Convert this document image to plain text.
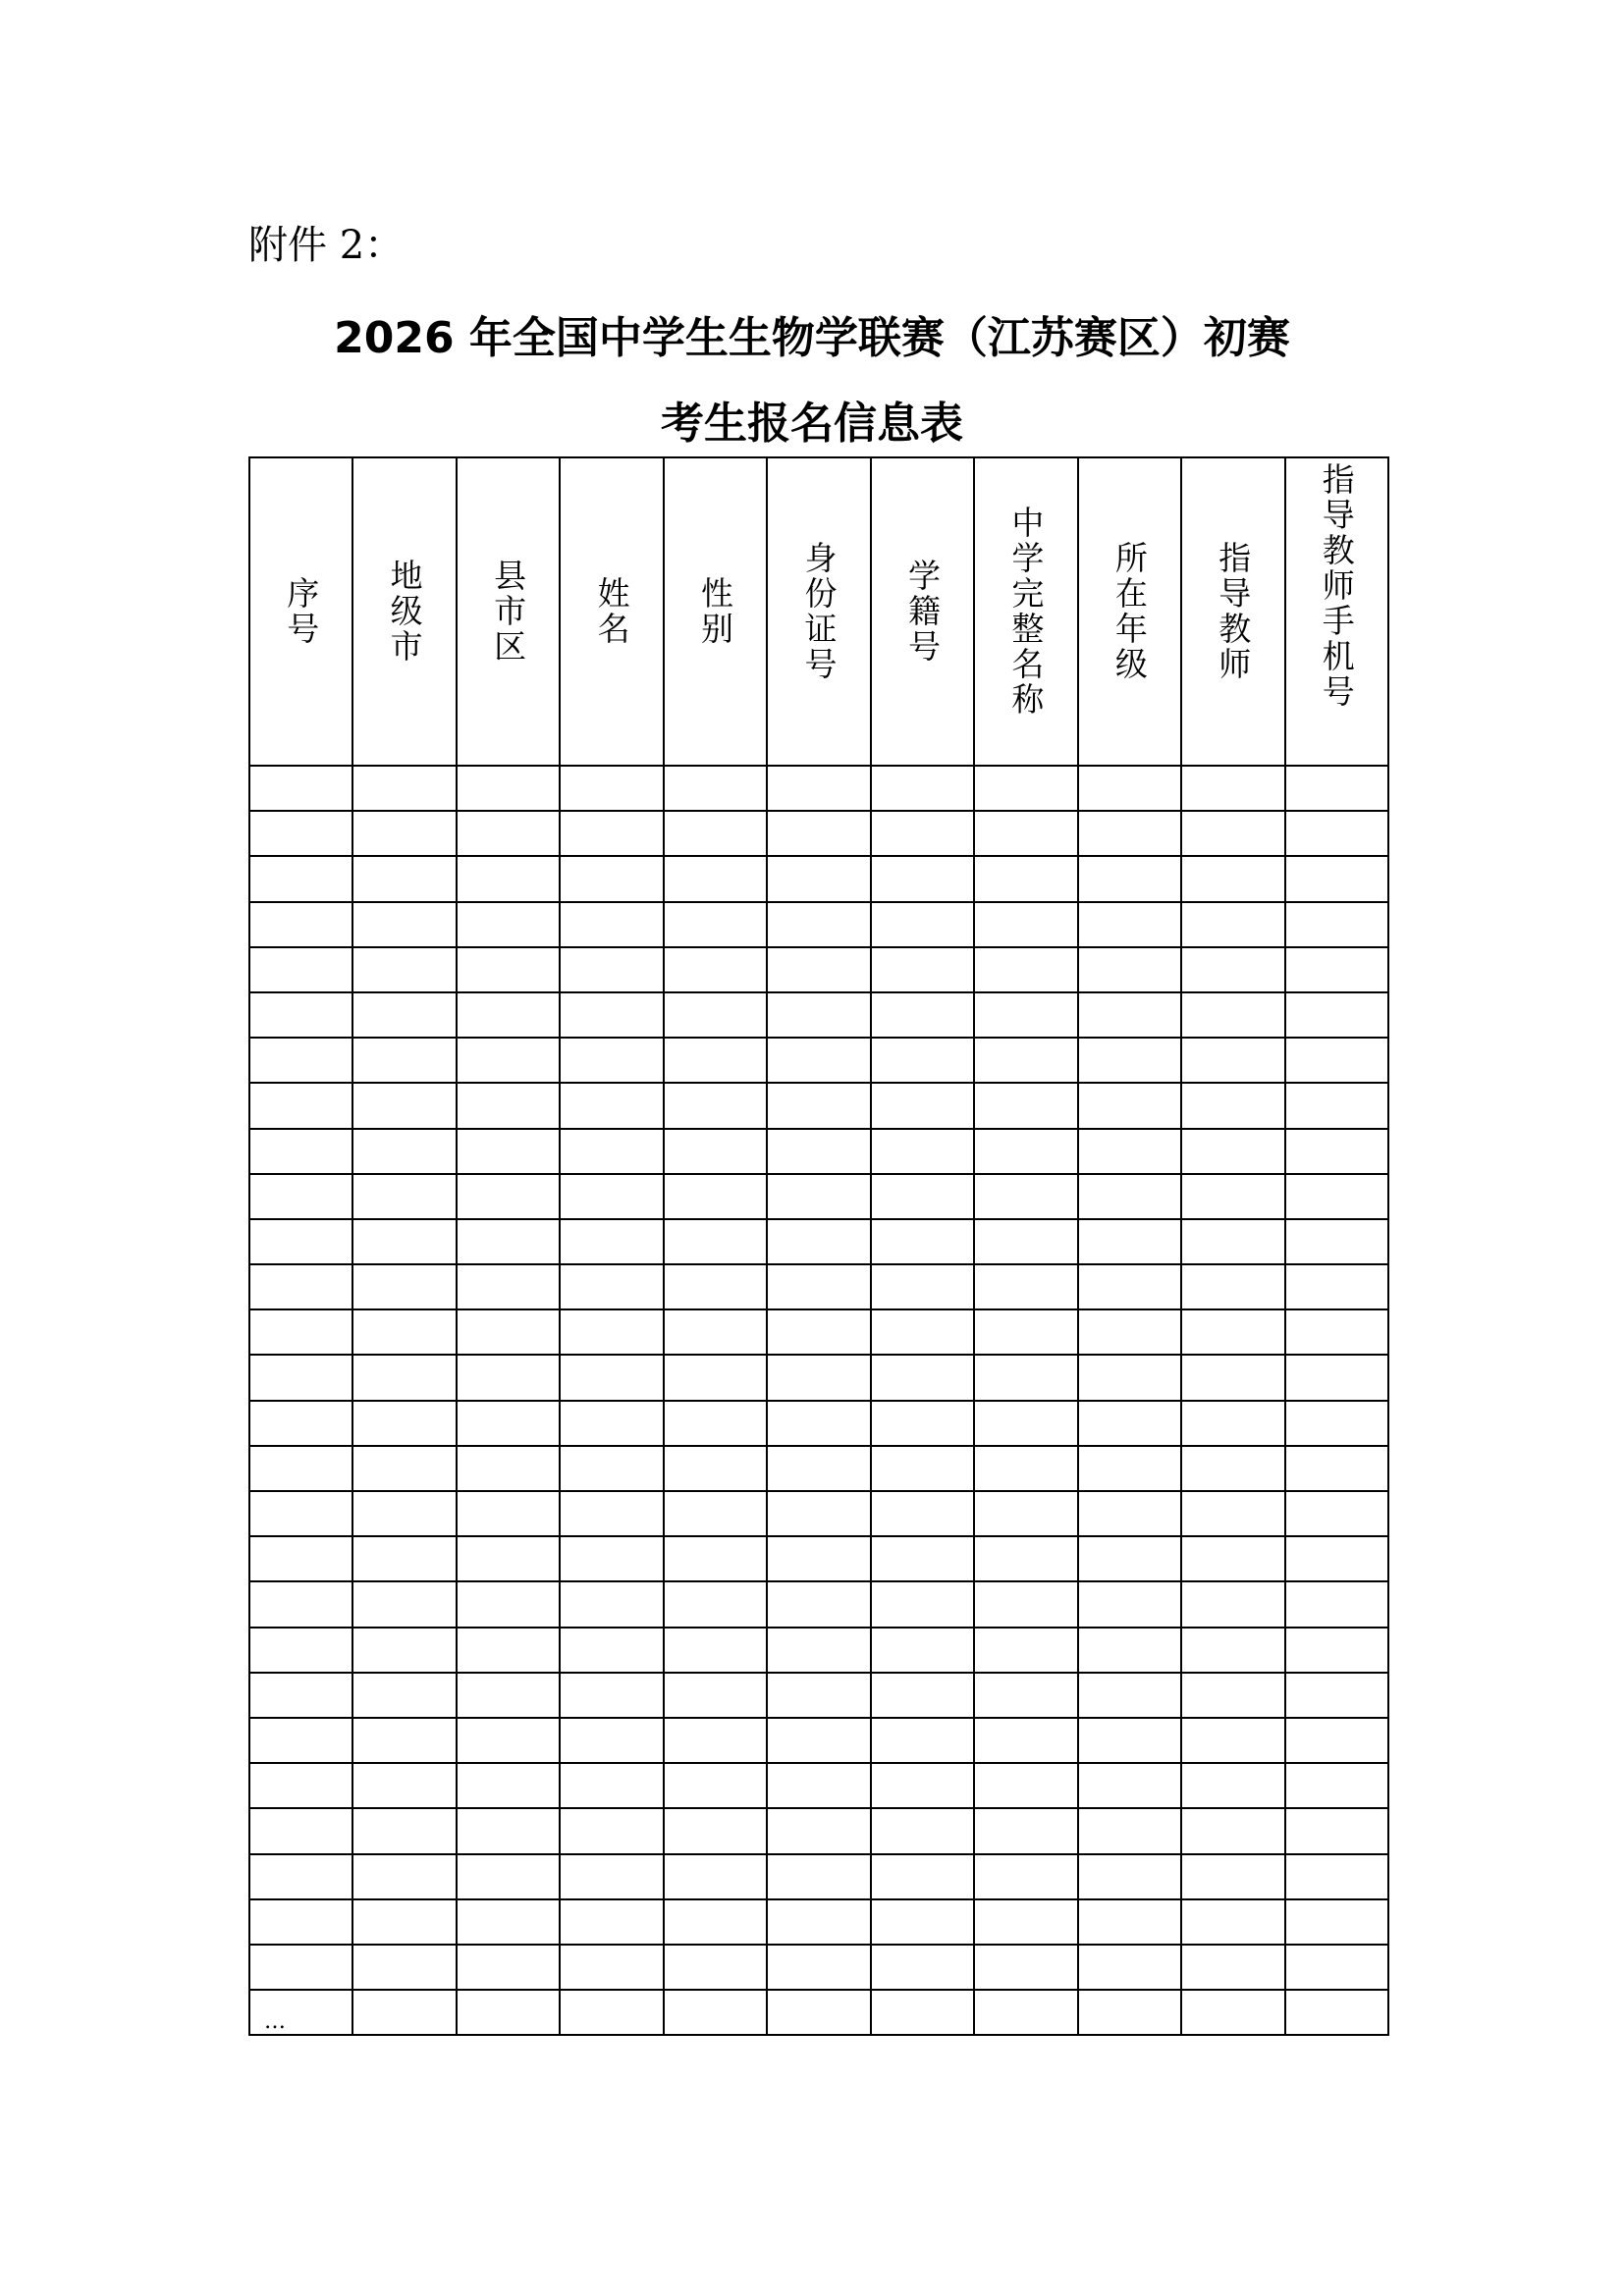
附件 2：
2026 年全国中学生生物学联赛（江苏赛区）初赛
考生报名信息表
序号	地级市	县市区	姓名	性别	身份证号	学籍号	中学完整名称	所在年级	指导教师	指导教师手机号

…										
